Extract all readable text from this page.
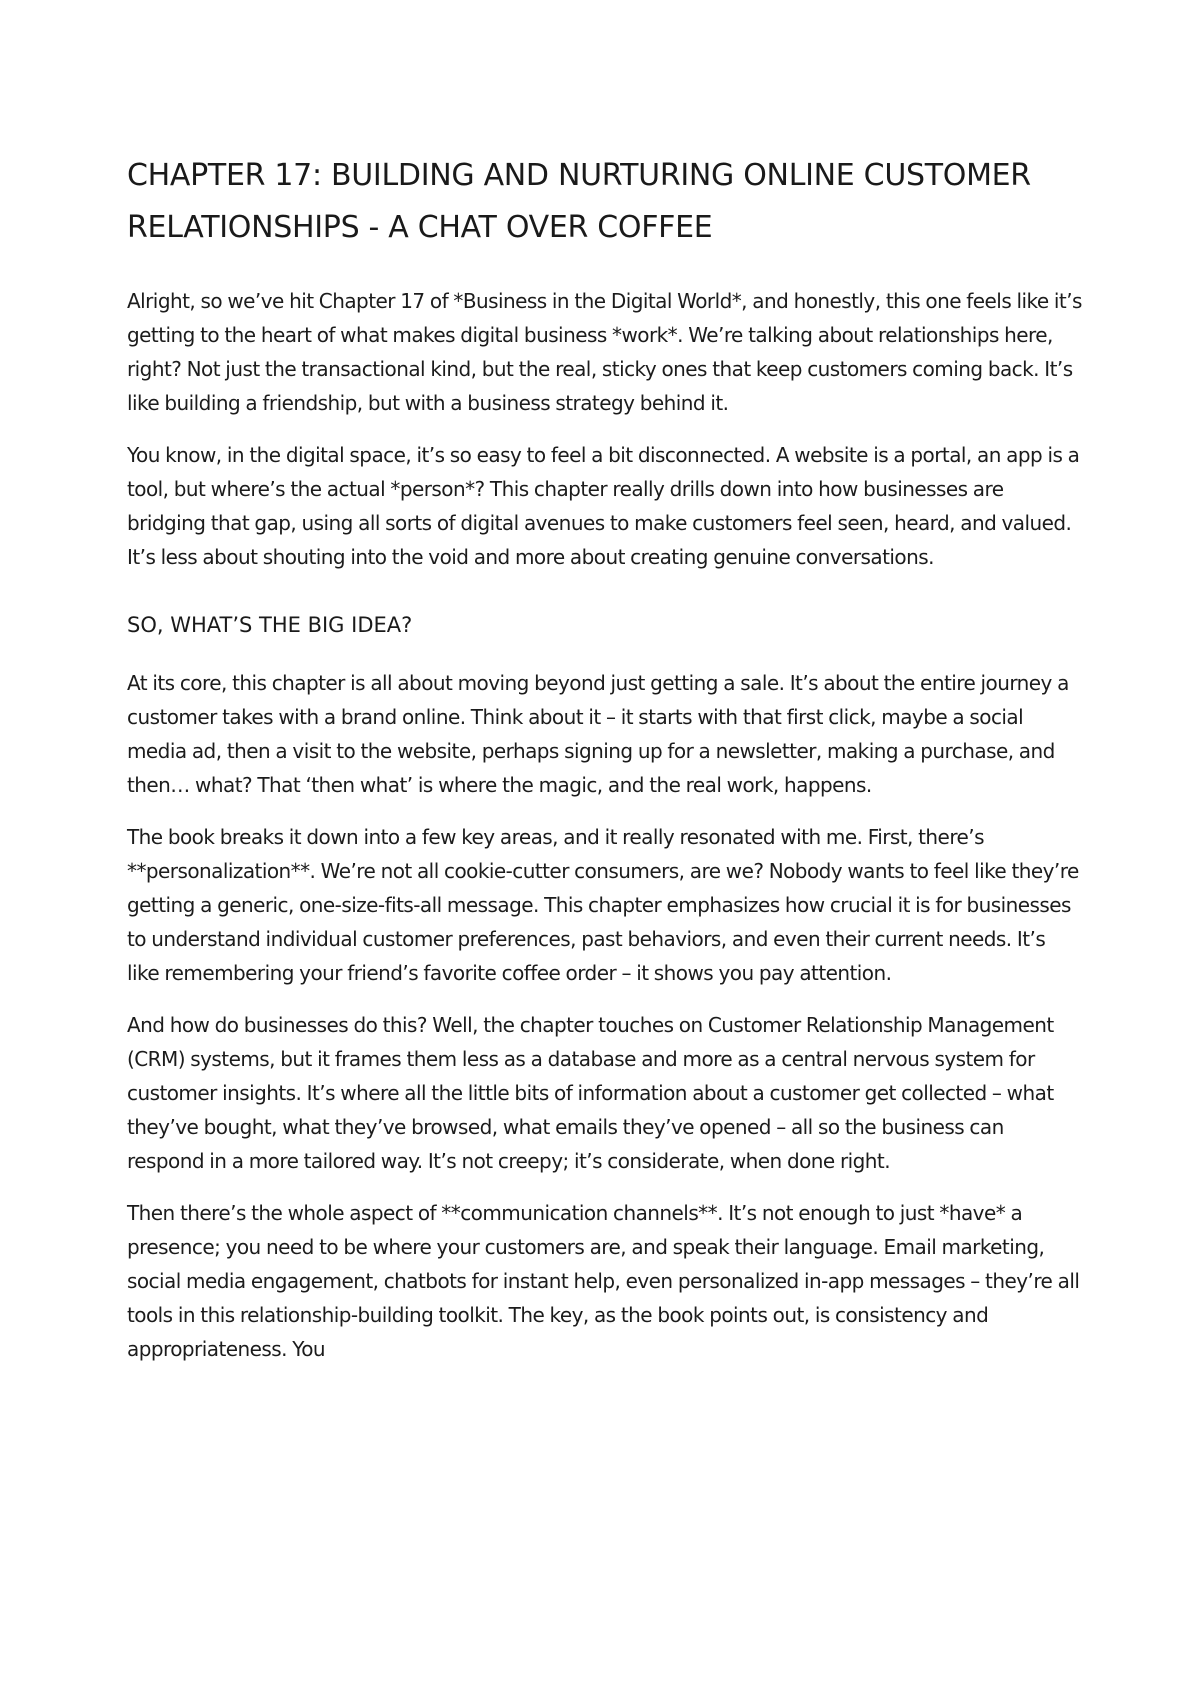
CHAPTER 17: BUILDING AND NURTURING ONLINE CUSTOMER RELATIONSHIPS - A CHAT OVER COFFEE

Alright, so we’ve hit Chapter 17 of *Business in the Digital World*, and honestly, this one feels like it’s getting to the heart of what makes digital business *work*. We’re talking about relationships here, right? Not just the transactional kind, but the real, sticky ones that keep customers coming back. It’s like building a friendship, but with a business strategy behind it.

You know, in the digital space, it’s so easy to feel a bit disconnected. A website is a portal, an app is a tool, but where’s the actual *person*? This chapter really drills down into how businesses are bridging that gap, using all sorts of digital avenues to make customers feel seen, heard, and valued. It’s less about shouting into the void and more about creating genuine conversations.

SO, WHAT’S THE BIG IDEA?

At its core, this chapter is all about moving beyond just getting a sale. It’s about the entire journey a customer takes with a brand online. Think about it – it starts with that first click, maybe a social media ad, then a visit to the website, perhaps signing up for a newsletter, making a purchase, and then… what? That ‘then what’ is where the magic, and the real work, happens.

The book breaks it down into a few key areas, and it really resonated with me. First, there’s **personalization**. We’re not all cookie-cutter consumers, are we? Nobody wants to feel like they’re getting a generic, one-size-fits-all message. This chapter emphasizes how crucial it is for businesses to understand individual customer preferences, past behaviors, and even their current needs. It’s like remembering your friend’s favorite coffee order – it shows you pay attention.

And how do businesses do this? Well, the chapter touches on Customer Relationship Management (CRM) systems, but it frames them less as a database and more as a central nervous system for customer insights. It’s where all the little bits of information about a customer get collected – what they’ve bought, what they’ve browsed, what emails they’ve opened – all so the business can respond in a more tailored way. It’s not creepy; it’s considerate, when done right.

Then there’s the whole aspect of **communication channels**. It’s not enough to just *have* a presence; you need to be where your customers are, and speak their language. Email marketing, social media engagement, chatbots for instant help, even personalized in-app messages – they’re all tools in this relationship-building toolkit. The key, as the book points out, is consistency and appropriateness. You
